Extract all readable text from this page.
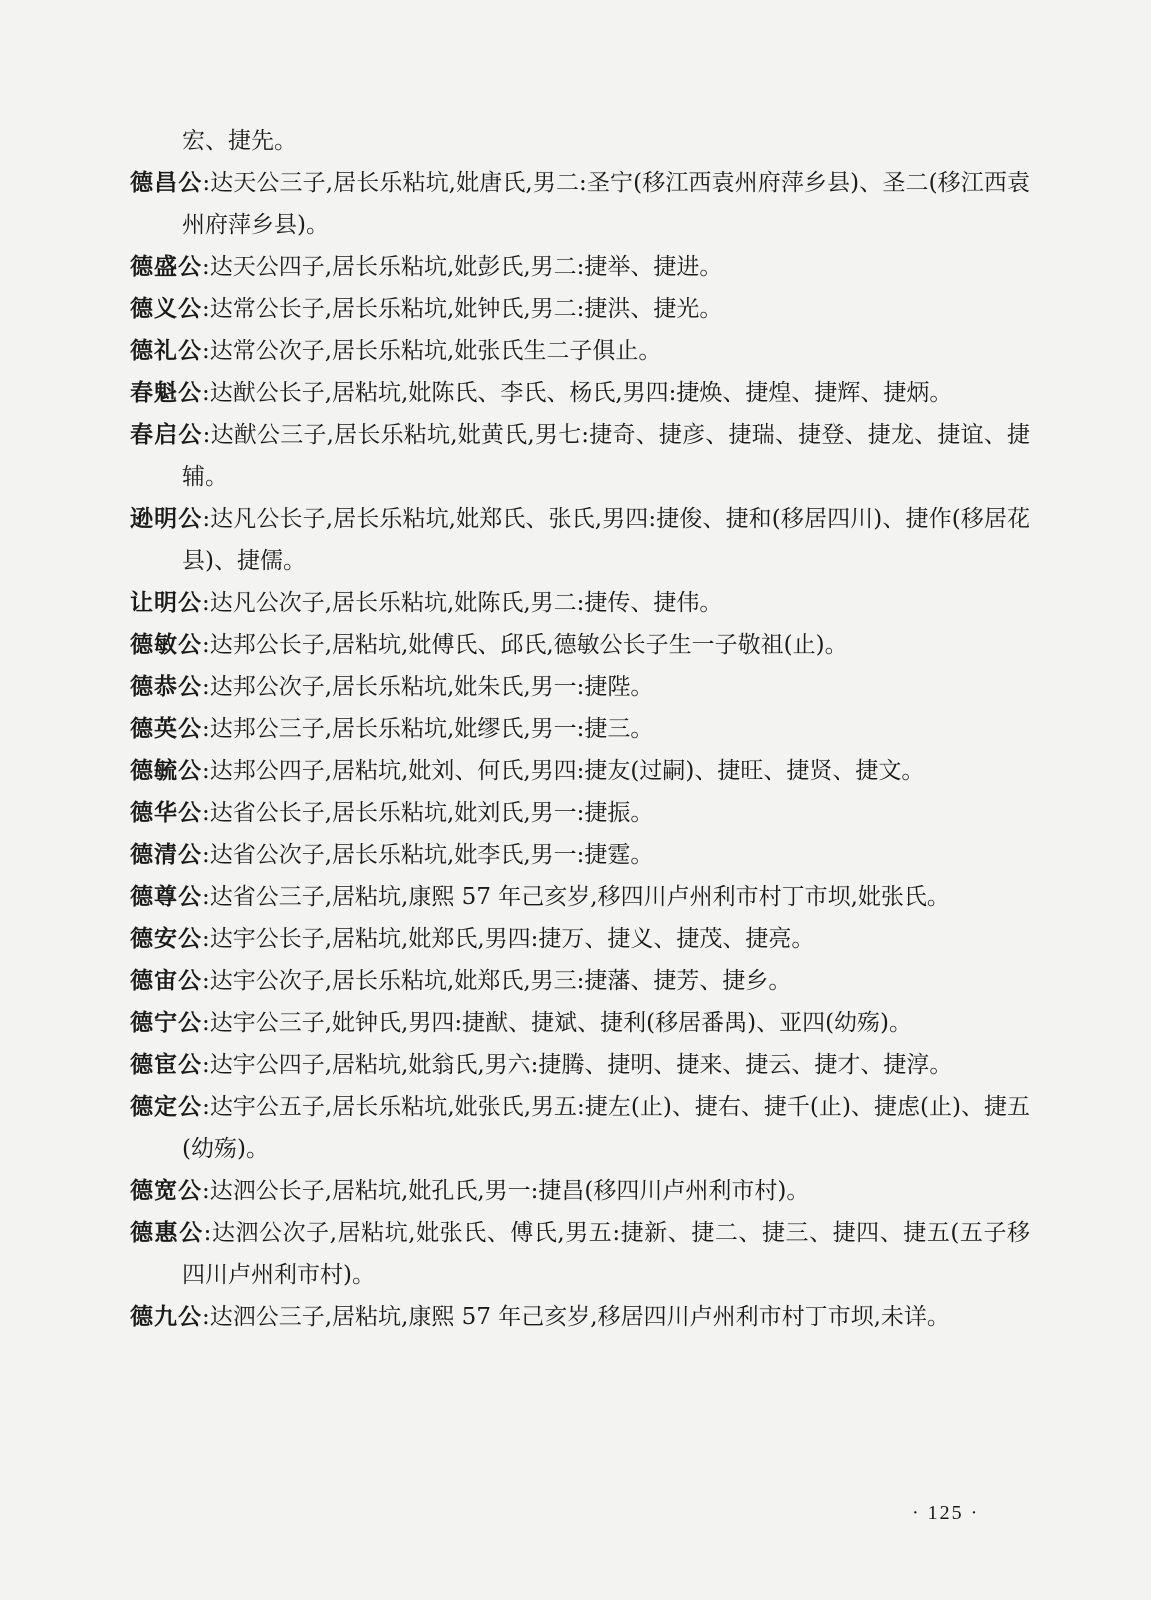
宏、捷先。
德昌公:达天公三子,居长乐粘坑,妣唐氏,男二:圣宁(移江西袁州府萍乡县)、圣二(移江西袁州府萍乡县)。
德盛公:达天公四子,居长乐粘坑,妣彭氏,男二:捷举、捷进。
德义公:达常公长子,居长乐粘坑,妣钟氏,男二:捷洪、捷光。
德礼公:达常公次子,居长乐粘坑,妣张氏生二子俱止。
春魁公:达猷公长子,居粘坑,妣陈氏、李氏、杨氏,男四:捷焕、捷煌、捷辉、捷炳。
春启公:达猷公三子,居长乐粘坑,妣黄氏,男七:捷奇、捷彦、捷瑞、捷登、捷龙、捷谊、捷辅。
逊明公:达凡公长子,居长乐粘坑,妣郑氏、张氏,男四:捷俊、捷和(移居四川)、捷作(移居花县)、捷儒。
让明公:达凡公次子,居长乐粘坑,妣陈氏,男二:捷传、捷伟。
德敏公:达邦公长子,居粘坑,妣傅氏、邱氏,德敏公长子生一子敬祖(止)。
德恭公:达邦公次子,居长乐粘坑,妣朱氏,男一:捷陛。
德英公:达邦公三子,居长乐粘坑,妣缪氏,男一:捷三。
德毓公:达邦公四子,居粘坑,妣刘、何氏,男四:捷友(过嗣)、捷旺、捷贤、捷文。
德华公:达省公长子,居长乐粘坑,妣刘氏,男一:捷振。
德清公:达省公次子,居长乐粘坑,妣李氏,男一:捷霆。
德尊公:达省公三子,居粘坑,康熙 57 年己亥岁,移四川卢州利市村丁市坝,妣张氏。
德安公:达宇公长子,居粘坑,妣郑氏,男四:捷万、捷义、捷茂、捷亮。
德宙公:达宇公次子,居长乐粘坑,妣郑氏,男三:捷藩、捷芳、捷乡。
德宁公:达宇公三子,妣钟氏,男四:捷猷、捷斌、捷利(移居番禺)、亚四(幼殇)。
德宦公:达宇公四子,居粘坑,妣翁氏,男六:捷腾、捷明、捷来、捷云、捷才、捷淳。
德定公:达宇公五子,居长乐粘坑,妣张氏,男五:捷左(止)、捷右、捷千(止)、捷虑(止)、捷五(幼殇)。
德宽公:达泗公长子,居粘坑,妣孔氏,男一:捷昌(移四川卢州利市村)。
德惠公:达泗公次子,居粘坑,妣张氏、傅氏,男五:捷新、捷二、捷三、捷四、捷五(五子移四川卢州利市村)。
德九公:达泗公三子,居粘坑,康熙 57 年己亥岁,移居四川卢州利市村丁市坝,未详。
· 125 ·
